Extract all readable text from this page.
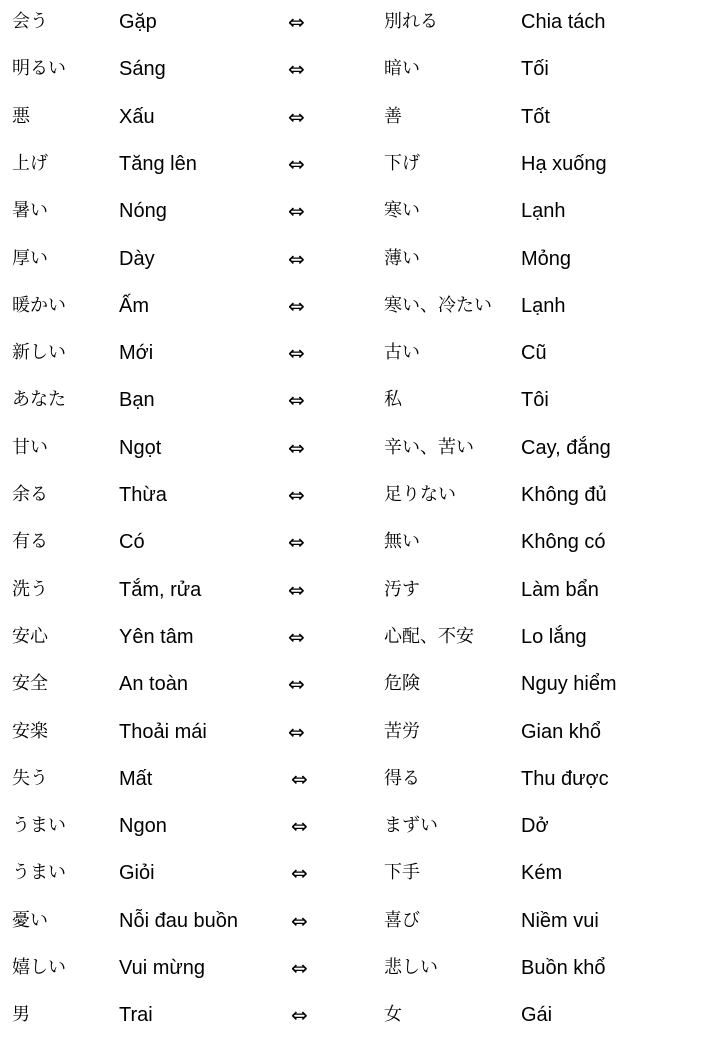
会う	Gặp	⇔	別れる	Chia tách
明るい	Sáng	⇔	暗い	Tối
悪	Xấu	⇔	善	Tốt
上げ	Tăng lên	⇔	下げ	Hạ xuống
暑い	Nóng	⇔	寒い	Lạnh
厚い	Dày	⇔	薄い	Mỏng
暖かい	Ấm	⇔	寒い、冷たい Lạnh
新しい	Mới	⇔	古い	Cũ
あなた	Bạn	⇔	私	Tôi
甘い	Ngọt	⇔	辛い、苦い Cay, đắng
余る	Thừa	⇔	足りない	Không đủ
有る	Có	⇔	無い	Không có
洗う	Tắm, rửa	⇔	汚す	Làm bẩn
安心	Yên tâm	⇔	心配、不安 Lo lắng
安全	An toàn	⇔	危険	Nguy hiểm
安楽	Thoải mái	⇔	苦労	Gian khổ
失う	Mất	⇔	得る	Thu được
うまい	Ngon	⇔	まずい	Dở
うまい	Giỏi	⇔	下手	Kém
憂い	Nỗi đau buồn	⇔	喜び	Niềm vui
嬉しい	Vui mừng	⇔	悲しい	Buồn khổ
男	Trai	⇔	女	Gái
